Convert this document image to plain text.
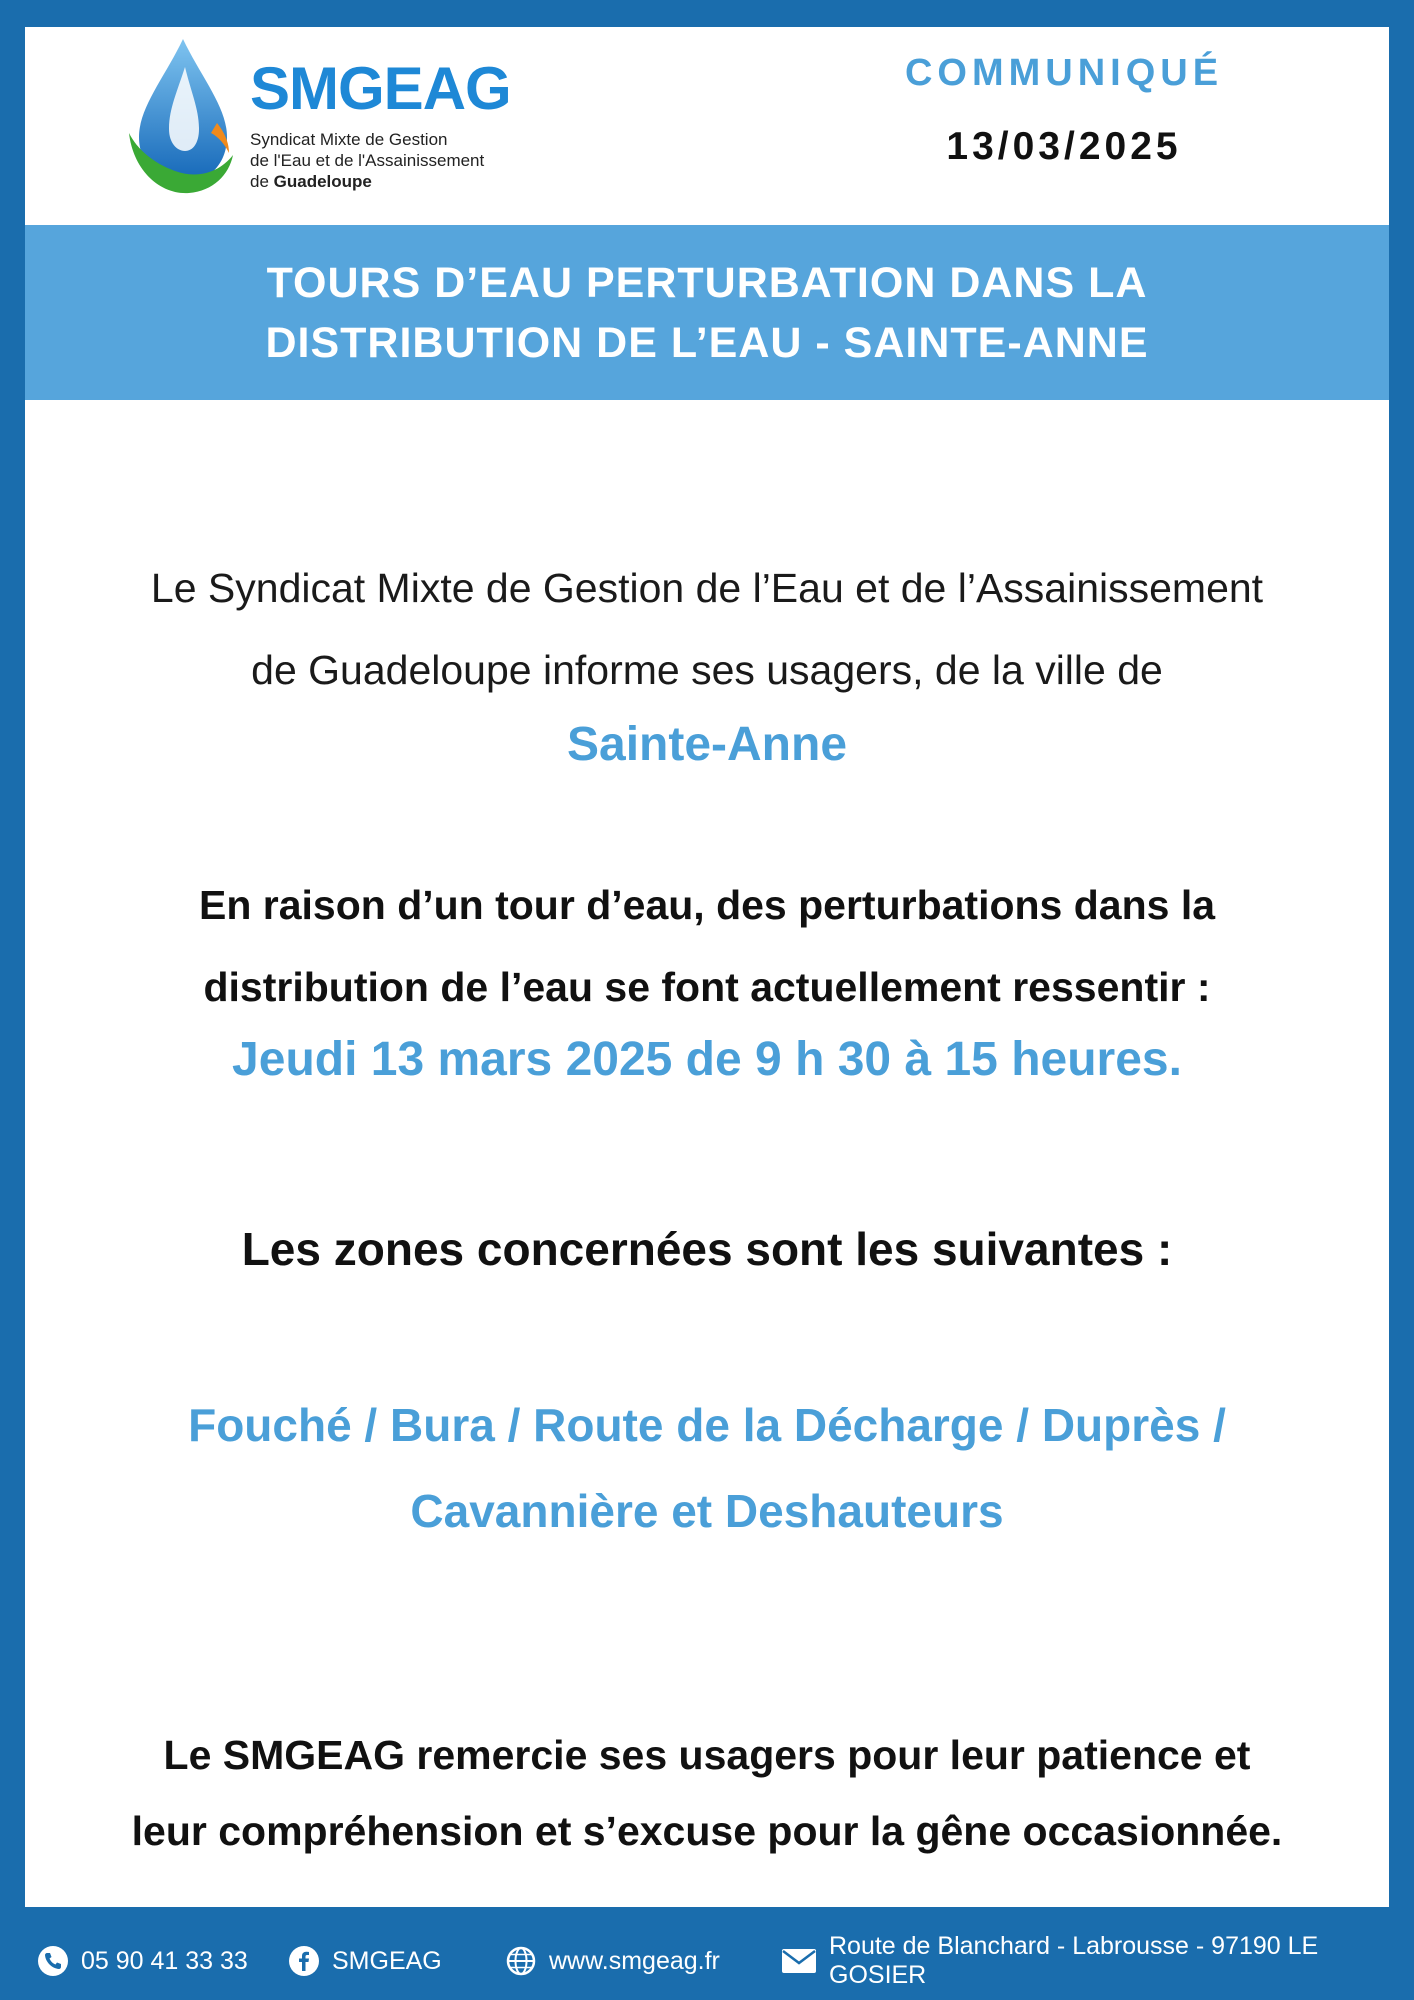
SMGEAG
Syndicat Mixte de Gestion
de l'Eau et de l'Assainissement
de Guadeloupe
COMMUNIQUÉ
13/03/2025
TOURS D’EAU PERTURBATION DANS LA
DISTRIBUTION DE L’EAU - SAINTE-ANNE
Le Syndicat Mixte de Gestion de l’Eau et de l’Assainissement
de Guadeloupe informe ses usagers, de la ville de
Sainte-Anne
En raison d’un tour d’eau, des perturbations dans la
distribution de l’eau se font actuellement ressentir :
Jeudi 13 mars 2025 de 9 h 30 à 15 heures.
Les zones concernées sont les suivantes :
Fouché / Bura / Route de la Décharge / Duprès /
Cavannière et Deshauteurs
Le SMGEAG remercie ses usagers pour leur patience et
leur compréhension et s’excuse pour la gêne occasionnée.
05 90 41 33 33	SMGEAG	www.smgeag.fr
Route de Blanchard - Labrousse - 97190 LE GOSIER
